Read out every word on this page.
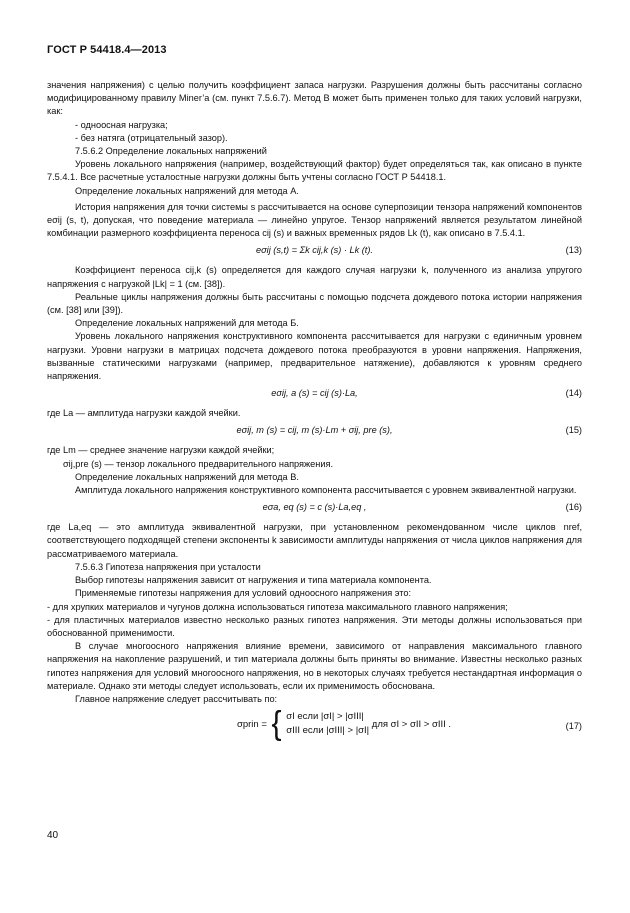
ГОСТ Р 54418.4—2013

значения напряжения) с целью получить коэффициент запаса нагрузки. Разрушения должны быть рассчитаны согласно модифицированному правилу Miner’a (см. пункт 7.5.6.7). Метод В может быть применен только для таких условий нагрузки, как:

- одноосная нагрузка;

- без натяга (отрицательный зазор).

7.5.6.2 Определение локальных напряжений

Уровень локального напряжения (например, воздействующий фактор) будет определяться так, как описано в пункте 7.5.4.1. Все расчетные усталостные нагрузки должны быть учтены согласно ГОСТ Р 54418.1.

Определение локальных напряжений для метода А.

История напряжения для точки системы s рассчитывается на основе суперпозиции тензора напряжений компонентов eσij (s, t), допуская, что поведение материала — линейно упругое. Тензор напряжений является результатом линейной комбинации размерного коэффициента переноса cij (s) и важных временных рядов Lk (t), как описано в 7.5.4.1.

eσij (s,t) = Σk cij,k (s) · Lk (t).	(13)

Коэффициент переноса cij,k (s) определяется для каждого случая нагрузки k, полученного из анализа упругого напряжения с нагрузкой |Lk| = 1 (см. [38]).

Реальные циклы напряжения должны быть рассчитаны с помощью подсчета дождевого потока истории напряжения (см. [38] или [39]).

Определение локальных напряжений для метода Б.

Уровень локального напряжения конструктивного компонента рассчитывается для нагрузки с единичным уровнем нагрузки. Уровни нагрузки в матрицах подсчета дождевого потока преобразуются в уровни напряжения. Напряжения, вызванные статическими нагрузками (например, предварительное натяжение), добавляются к уровням среднего напряжения.

eσij, a (s) = cij (s)·La,	(14)

где La — амплитуда нагрузки каждой ячейки.

eσij, m (s) = cij, m (s)·Lm + σij, pre (s),	(15)

где Lm — среднее значение нагрузки каждой ячейки;

σij,pre (s) — тензор локального предварительного напряжения.

Определение локальных напряжений для метода В.

Амплитуда локального напряжения конструктивного компонента рассчитывается с уровнем эквивалентной нагрузки.

eσa, eq (s) = c (s)·La,eq ,	(16)

где La,eq — это амплитуда эквивалентной нагрузки, при установленном рекомендованном числе циклов nref, соответствующего подходящей степени экспоненты k зависимости амплитуды напряжения от числа циклов напряжения для рассматриваемого материала.

7.5.6.3 Гипотеза напряжения при усталости

Выбор гипотезы напряжения зависит от нагружения и типа материала компонента.

Применяемые гипотезы напряжения для условий одноосного напряжения это:

- для хрупких материалов и чугунов должна использоваться гипотеза максимального главного напряжения;

- для пластичных материалов известно несколько разных гипотез напряжения. Эти методы должны использоваться при обоснованной применимости.

В случае многоосного напряжения влияние времени, зависимого от направления максимального главного напряжения на накопление разрушений, и тип материала должны быть приняты во внимание. Известны несколько разных гипотез напряжения для условий многоосного напряжения, но в некоторых случаях требуется нестандартная информация о материале. Однако эти методы следует использовать, если их применимость обоснована.

Главное напряжение следует рассчитывать по:

σprin = { σI если |σI| > |σIII|
σIII если |σIII| > |σI| для σI > σII > σIII .	(17)
40
